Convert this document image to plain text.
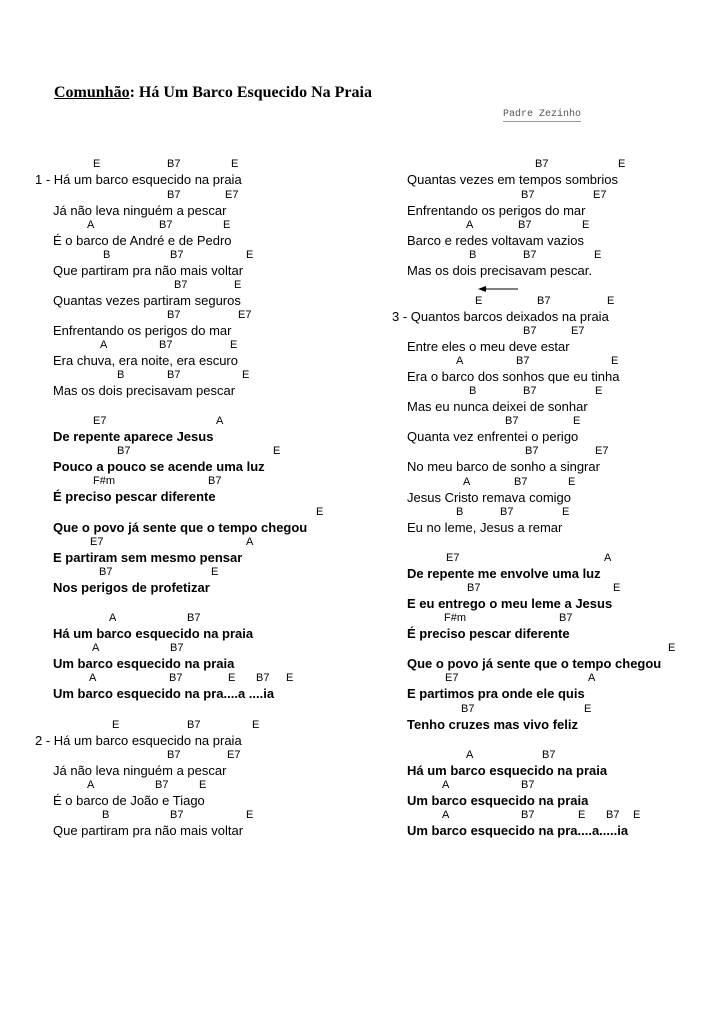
Comunhão: Há Um Barco Esquecido Na Praia
Padre Zezinho
E	B7	E
1 - Há um barco esquecido na praia
B7	E7
Já não leva ninguém a pescar
A	B7	E
É o barco de André e de Pedro
B	B7	E
Que partiram pra não mais voltar
B7	E
Quantas vezes partiram seguros
B7	E7
Enfrentando os perigos do mar
A	B7	E
Era chuva, era noite, era escuro
B	B7	E
Mas os dois precisavam pescar
E7	A
De repente aparece Jesus
B7	E
Pouco a pouco se acende uma luz
F#m	B7
É preciso pescar diferente
E
Que o povo já sente que o tempo chegou
E7	A
E partiram sem mesmo pensar
B7	E
Nos perigos de profetizar
A	B7
Há um barco esquecido na praia
A	B7
Um barco esquecido na praia
A	B7	E B7 E
Um barco esquecido na pra....a ....ia
E	B7	E
2 - Há um barco esquecido na praia
B7	E7
Já não leva ninguém a pescar
A	B7	E
É o barco de João e Tiago
B	B7	E
Que partiram pra não mais voltar
B7	E
Quantas vezes em tempos sombrios
B7	E7
Enfrentando os perigos do mar
A	B7	E
Barco e redes voltavam vazios
B	B7	E
Mas os dois precisavam pescar.
E	B7	E
3 - Quantos barcos deixados na praia
B7	E7
Entre eles o meu deve estar
A	B7	E
Era o barco dos sonhos que eu tinha
B	B7	E
Mas eu nunca deixei de sonhar
B7	E
Quanta vez enfrentei o perigo
B7	E7
No meu barco de sonho a singrar
A	B7	E
Jesus Cristo remava comigo
B	B7	E
Eu no leme, Jesus a remar
E7	A
De repente me envolve uma luz
B7	E
E eu entrego o meu leme a Jesus
F#m	B7
É preciso pescar diferente
E
Que o povo já sente que o tempo chegou
E7	A
E partimos pra onde ele quis
B7	E
Tenho cruzes mas vivo feliz
A	B7
Há um barco esquecido na praia
A	B7
Um barco esquecido na praia
A	B7	E B7 E
Um barco esquecido na pra....a.....ia
